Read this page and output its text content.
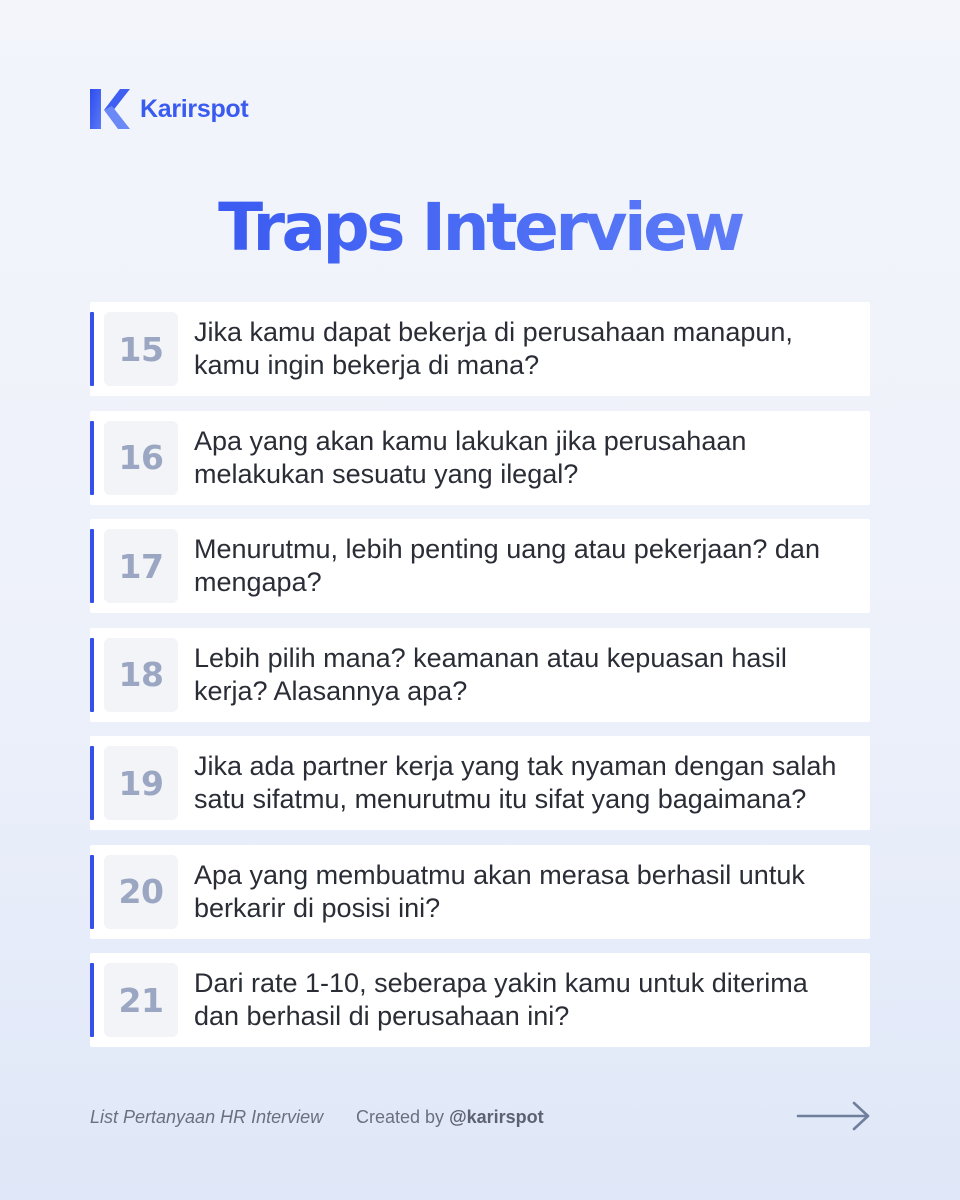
Karirspot
Traps Interview
15	Jika kamu dapat bekerja di perusahaan manapun, kamu ingin bekerja di mana?
16	Apa yang akan kamu lakukan jika perusahaan melakukan sesuatu yang ilegal?
17	Menurutmu, lebih penting uang atau pekerjaan? dan mengapa?
18	Lebih pilih mana? keamanan atau kepuasan hasil kerja? Alasannya apa?
19	Jika ada partner kerja yang tak nyaman dengan salah satu sifatmu, menurutmu itu sifat yang bagaimana?
20	Apa yang membuatmu akan merasa berhasil untuk berkarir di posisi ini?
21	Dari rate 1-10, seberapa yakin kamu untuk diterima dan berhasil di perusahaan ini?
List Pertanyaan HR Interview Created by @karirspot
